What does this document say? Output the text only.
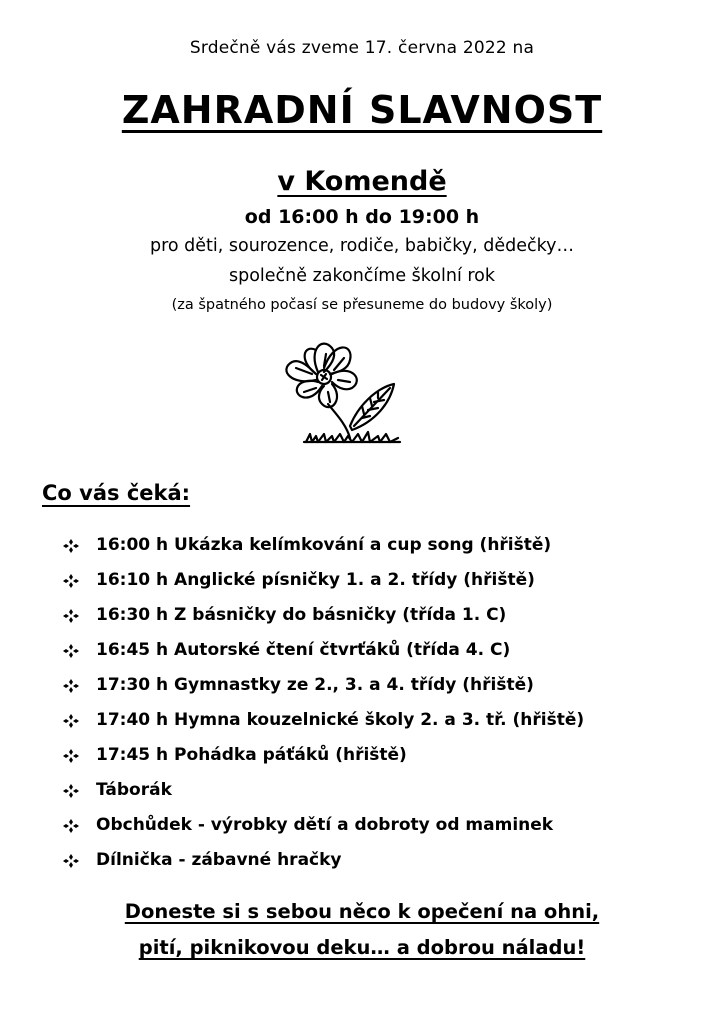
Srdečně vás zveme 17. června 2022 na
ZAHRADNÍ SLAVNOST
v Komendě
od 16:00 h do 19:00 h
pro děti, sourozence, rodiče, babičky, dědečky…
společně zakončíme školní rok
(za špatného počasí se přesuneme do budovy školy)
Co vás čeká:
16:00 h Ukázka kelímkování a cup song (hřiště)
16:10 h Anglické písničky 1. a 2. třídy (hřiště)
16:30 h Z básničky do básničky (třída 1. C)
16:45 h Autorské čtení čtvrťáků (třída 4. C)
17:30 h Gymnastky ze 2., 3. a 4. třídy (hřiště)
17:40 h Hymna kouzelnické školy 2. a 3. tř. (hřiště)
17:45 h Pohádka páťáků (hřiště)
Táborák
Obchůdek - výrobky dětí a dobroty od maminek
Dílnička - zábavné hračky
Doneste si s sebou něco k opečení na ohni,
pití, piknikovou deku… a dobrou náladu!
